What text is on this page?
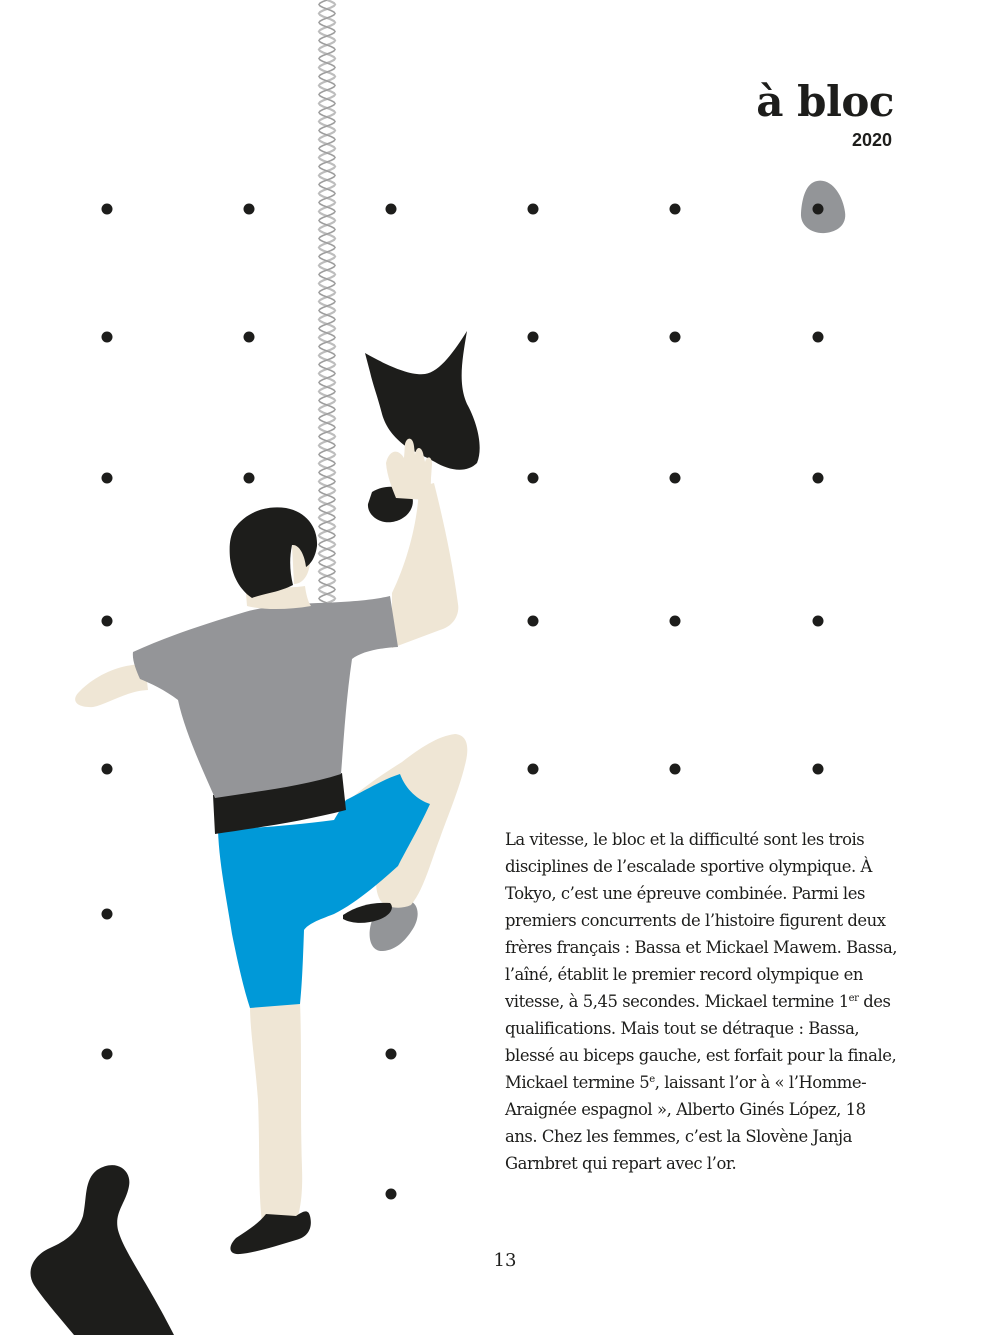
à bloc
2020

La vitesse, le bloc et la difficulté sont les trois disciplines de l’escalade sportive olympique. À Tokyo, c’est une épreuve combinée. Parmi les premiers concurrents de l’histoire figurent deux frères français : Bassa et Mickael Mawem. Bassa, l’aîné, établit le premier record olympique en vitesse, à 5,45 secondes. Mickael termine 1er des qualifications. Mais tout se détraque : Bassa, blessé au biceps gauche, est forfait pour la finale, Mickael termine 5e, laissant l’or à « l’Homme-Araignée espagnol », Alberto Ginés López, 18 ans. Chez les femmes, c’est la Slovène Janja Garnbret qui repart avec l’or.

13
